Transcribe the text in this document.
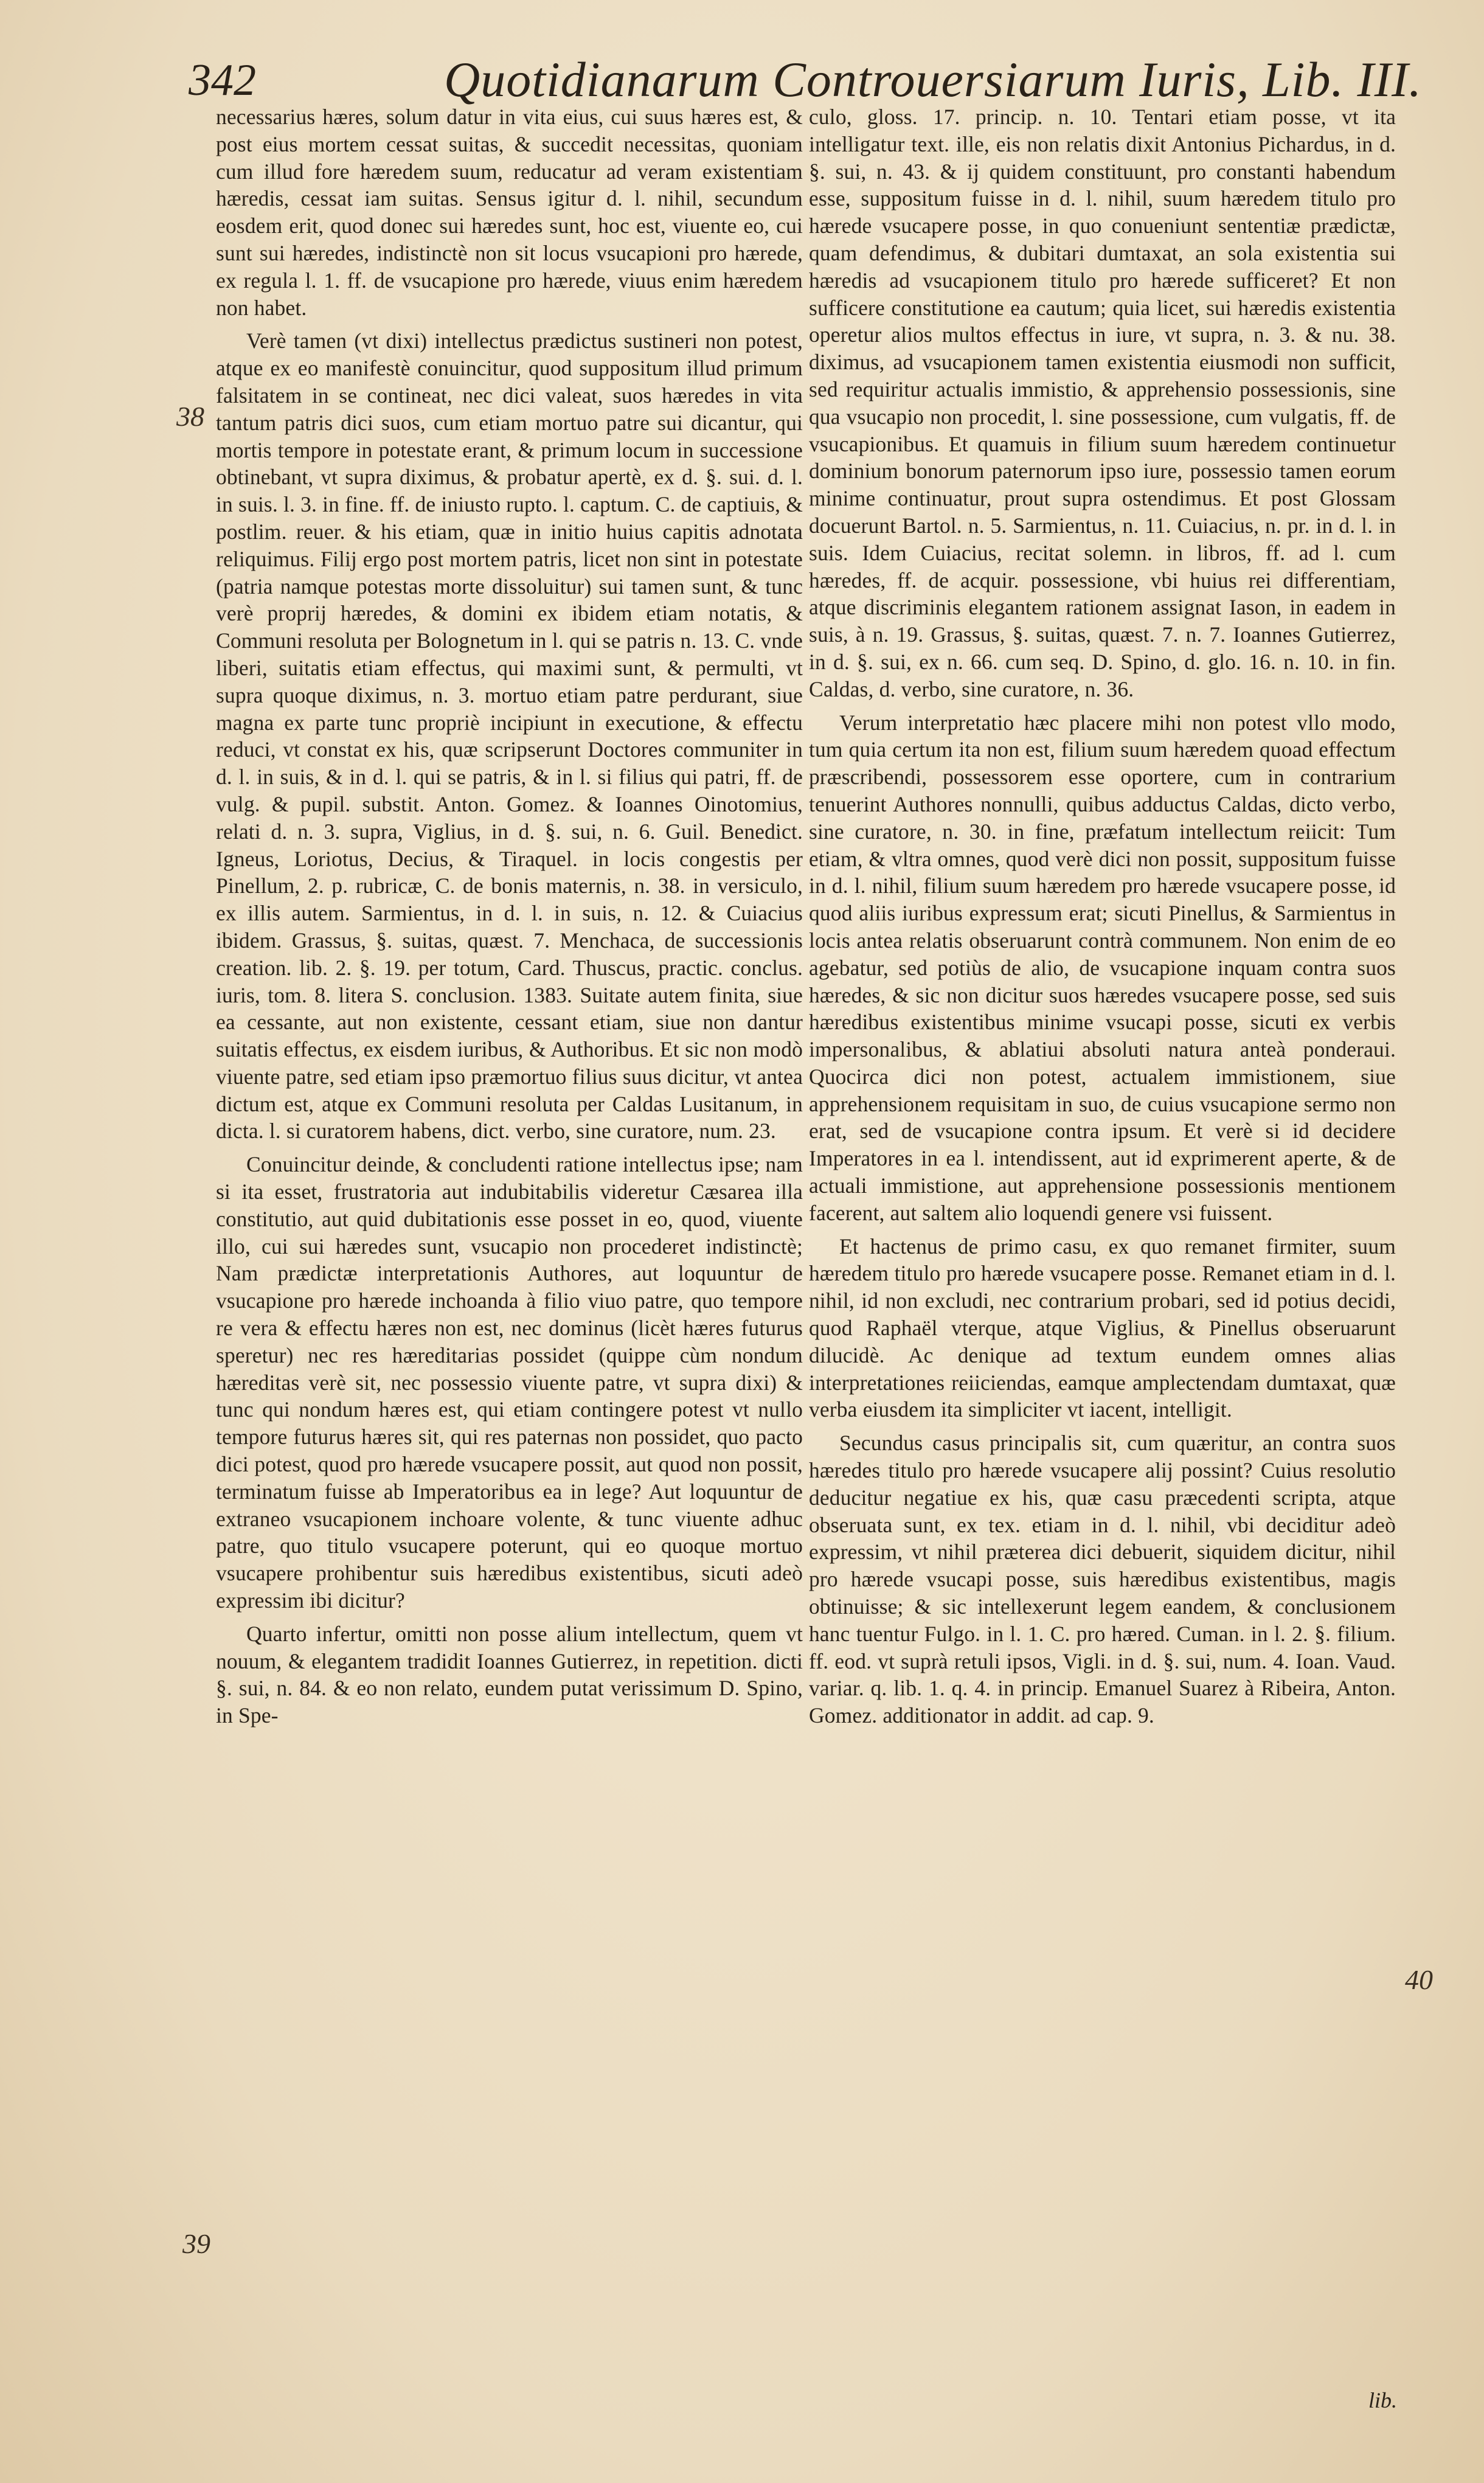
342	Quotidianarum Controuersiarum Iuris, Lib. III.
38
39
40

necessarius hæres, solum datur in vita eius, cui suus hæres est, & post eius mortem cessat suitas, & succedit necessitas, quoniam cum illud fore hæredem suum, reducatur ad veram existentiam hæredis, cessat iam suitas. Sensus igitur d. l. nihil, secundum eosdem erit, quod donec sui hæredes sunt, hoc est, viuente eo, cui sunt sui hæredes, indistinctè non sit locus vsucapioni pro hærede, ex regula l. 1. ff. de vsucapione pro hærede, viuus enim hæredem non habet.

Verè tamen (vt dixi) intellectus prædictus sustineri non potest, atque ex eo manifestè conuincitur, quod suppositum illud primum falsitatem in se contineat, nec dici valeat, suos hæredes in vita tantum patris dici suos, cum etiam mortuo patre sui dicantur, qui mortis tempore in potestate erant, & primum locum in successione obtinebant, vt supra diximus, & probatur apertè, ex d. §. sui. d. l. in suis. l. 3. in fine. ff. de iniusto rupto. l. captum. C. de captiuis, & postlim. reuer. & his etiam, quæ in initio huius capitis adnotata reliquimus. Filij ergo post mortem patris, licet non sint in potestate (patria namque potestas morte dissoluitur) sui tamen sunt, & tunc verè proprij hæredes, & domini ex ibidem etiam notatis, & Communi resoluta per Bolognetum in l. qui se patris n. 13. C. vnde liberi, suitatis etiam effectus, qui maximi sunt, & permulti, vt supra quoque diximus, n. 3. mortuo etiam patre perdurant, siue magna ex parte tunc propriè incipiunt in executione, & effectu reduci, vt constat ex his, quæ scripserunt Doctores communiter in d. l. in suis, & in d. l. qui se patris, & in l. si filius qui patri, ff. de vulg. & pupil. substit. Anton. Gomez. & Ioannes Oinotomius, relati d. n. 3. supra, Viglius, in d. §. sui, n. 6. Guil. Benedict. Igneus, Loriotus, Decius, & Tiraquel. in locis congestis per Pinellum, 2. p. rubricæ, C. de bonis maternis, n. 38. in versiculo, ex illis autem. Sarmientus, in d. l. in suis, n. 12. & Cuiacius ibidem. Grassus, §. suitas, quæst. 7. Menchaca, de successionis creation. lib. 2. §. 19. per totum, Card. Thuscus, practic. conclus. iuris, tom. 8. litera S. conclusion. 1383. Suitate autem finita, siue ea cessante, aut non existente, cessant etiam, siue non dantur suitatis effectus, ex eisdem iuribus, & Authoribus. Et sic non modò viuente patre, sed etiam ipso præmortuo filius suus dicitur, vt antea dictum est, atque ex Communi resoluta per Caldas Lusitanum, in dicta. l. si curatorem habens, dict. verbo, sine curatore, num. 23.

Conuincitur deinde, & concludenti ratione intellectus ipse; nam si ita esset, frustratoria aut indubitabilis videretur Cæsarea illa constitutio, aut quid dubitationis esse posset in eo, quod, viuente illo, cui sui hæredes sunt, vsucapio non procederet indistinctè; Nam prædictæ interpretationis Authores, aut loquuntur de vsucapione pro hærede inchoanda à filio viuo patre, quo tempore re vera & effectu hæres non est, nec dominus (licèt hæres futurus speretur) nec res hæreditarias possidet (quippe cùm nondum hæreditas verè sit, nec possessio viuente patre, vt supra dixi) & tunc qui nondum hæres est, qui etiam contingere potest vt nullo tempore futurus hæres sit, qui res paternas non possidet, quo pacto dici potest, quod pro hærede vsucapere possit, aut quod non possit, terminatum fuisse ab Imperatoribus ea in lege? Aut loquuntur de extraneo vsucapionem inchoare volente, & tunc viuente adhuc patre, quo titulo vsucapere poterunt, qui eo quoque mortuo vsucapere prohibentur suis hæredibus existentibus, sicuti adeò expressim ibi dicitur?

Quarto infertur, omitti non posse alium intellectum, quem vt nouum, & elegantem tradidit Ioannes Gutierrez, in repetition. dicti §. sui, n. 84. & eo non relato, eundem putat verissimum D. Spino, in Spe-

culo, gloss. 17. princip. n. 10. Tentari etiam posse, vt ita intelligatur text. ille, eis non relatis dixit Antonius Pichardus, in d. §. sui, n. 43. & ij quidem constituunt, pro constanti habendum esse, suppositum fuisse in d. l. nihil, suum hæredem titulo pro hærede vsucapere posse, in quo conueniunt sententiæ prædictæ, quam defendimus, & dubitari dumtaxat, an sola existentia sui hæredis ad vsucapionem titulo pro hærede sufficeret? Et non sufficere constitutione ea cautum; quia licet, sui hæredis existentia operetur alios multos effectus in iure, vt supra, n. 3. & nu. 38. diximus, ad vsucapionem tamen existentia eiusmodi non sufficit, sed requiritur actualis immistio, & apprehensio possessionis, sine qua vsucapio non procedit, l. sine possessione, cum vulgatis, ff. de vsucapionibus. Et quamuis in filium suum hæredem continuetur dominium bonorum paternorum ipso iure, possessio tamen eorum minime continuatur, prout supra ostendimus. Et post Glossam docuerunt Bartol. n. 5. Sarmientus, n. 11. Cuiacius, n. pr. in d. l. in suis. Idem Cuiacius, recitat solemn. in libros, ff. ad l. cum hæredes, ff. de acquir. possessione, vbi huius rei differentiam, atque discriminis elegantem rationem assignat Iason, in eadem in suis, à n. 19. Grassus, §. suitas, quæst. 7. n. 7. Ioannes Gutierrez, in d. §. sui, ex n. 66. cum seq. D. Spino, d. glo. 16. n. 10. in fin. Caldas, d. verbo, sine curatore, n. 36.

Verum interpretatio hæc placere mihi non potest vllo modo, tum quia certum ita non est, filium suum hæredem quoad effectum præscribendi, possessorem esse oportere, cum in contrarium tenuerint Authores nonnulli, quibus adductus Caldas, dicto verbo, sine curatore, n. 30. in fine, præfatum intellectum reiicit: Tum etiam, & vltra omnes, quod verè dici non possit, suppositum fuisse in d. l. nihil, filium suum hæredem pro hærede vsucapere posse, id quod aliis iuribus expressum erat; sicuti Pinellus, & Sarmientus in locis antea relatis obseruarunt contrà communem. Non enim de eo agebatur, sed potiùs de alio, de vsucapione inquam contra suos hæredes, & sic non dicitur suos hæredes vsucapere posse, sed suis hæredibus existentibus minime vsucapi posse, sicuti ex verbis impersonalibus, & ablatiui absoluti natura anteà ponderaui. Quocirca dici non potest, actualem immistionem, siue apprehensionem requisitam in suo, de cuius vsucapione sermo non erat, sed de vsucapione contra ipsum. Et verè si id decidere Imperatores in ea l. intendissent, aut id exprimerent aperte, & de actuali immistione, aut apprehensione possessionis mentionem facerent, aut saltem alio loquendi genere vsi fuissent.

Et hactenus de primo casu, ex quo remanet firmiter, suum hæredem titulo pro hærede vsucapere posse. Remanet etiam in d. l. nihil, id non excludi, nec contrarium probari, sed id potius decidi, quod Raphaël vterque, atque Viglius, & Pinellus obseruarunt dilucidè. Ac denique ad textum eundem omnes alias interpretationes reiiciendas, eamque amplectendam dumtaxat, quæ verba eiusdem ita simpliciter vt iacent, intelligit.

Secundus casus principalis sit, cum quæritur, an contra suos hæredes titulo pro hærede vsucapere alij possint? Cuius resolutio deducitur negatiue ex his, quæ casu præcedenti scripta, atque obseruata sunt, ex tex. etiam in d. l. nihil, vbi deciditur adeò expressim, vt nihil præterea dici debuerit, siquidem dicitur, nihil pro hærede vsucapi posse, suis hæredibus existentibus, magis obtinuisse; & sic intellexerunt legem eandem, & conclusionem hanc tuentur Fulgo. in l. 1. C. pro hæred. Cuman. in l. 2. §. filium. ff. eod. vt suprà retuli ipsos, Vigli. in d. §. sui, num. 4. Ioan. Vaud. variar. q. lib. 1. q. 4. in princip. Emanuel Suarez à Ribeira, Anton. Gomez. additionator in addit. ad cap. 9.

lib.
